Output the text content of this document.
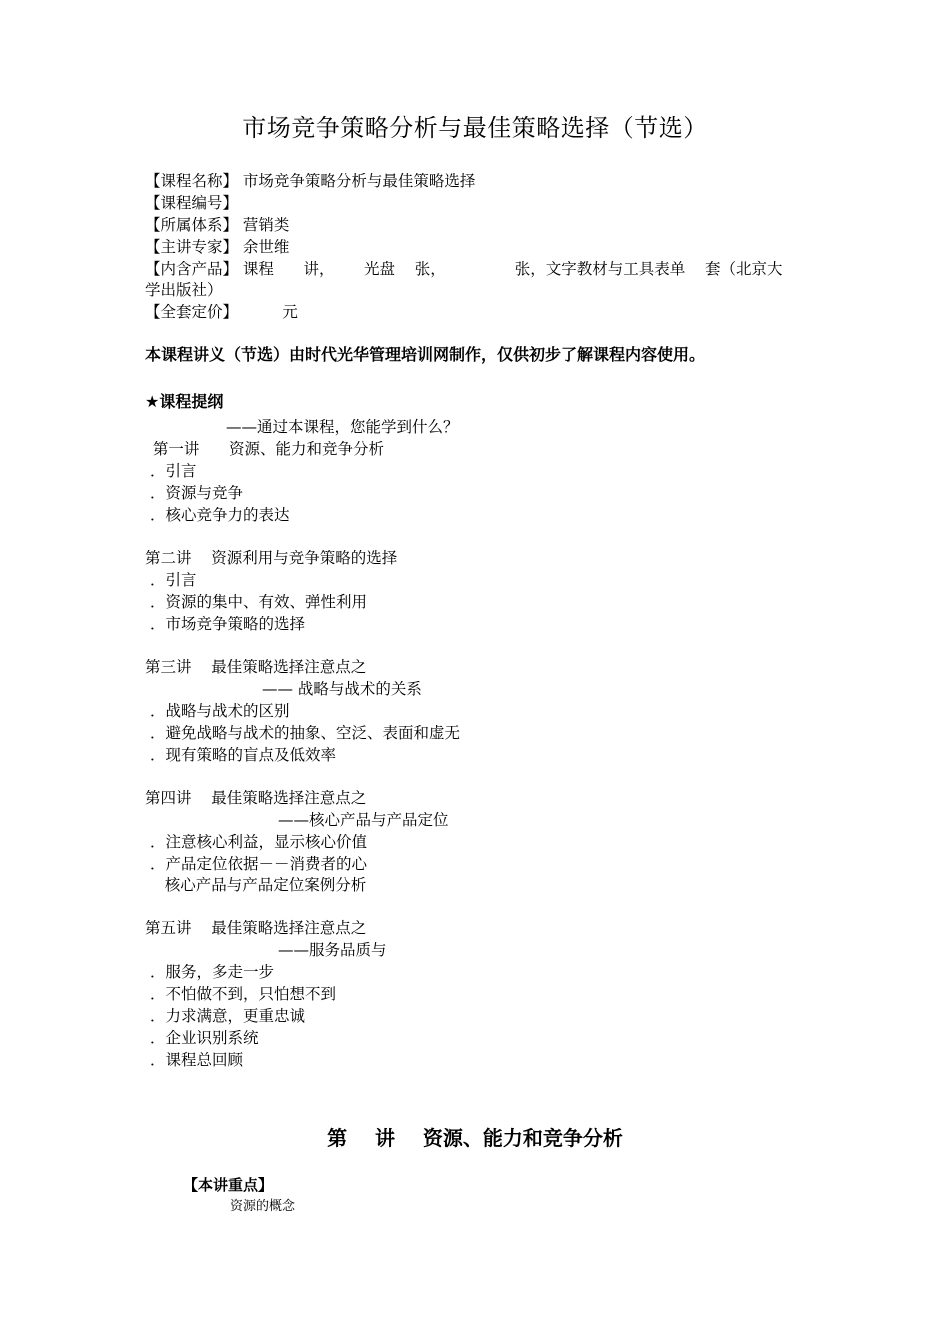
市场竞争策略分析与最佳策略选择（节选）
【课程名称】 市场竞争策略分析与最佳策略选择
【课程编号】
【所属体系】 营销类
【主讲专家】 余世维
【内含产品】 课程      讲，      光盘    张，              张，文字教材与工具表单    套（北京大
学出版社）
【全套定价】         元
本课程讲义（节选）由时代光华管理培训网制作，仅供初步了解课程内容使用。
★课程提纲
——通过本课程，您能学到什么？
第一讲      资源、能力和竞争分析
．引言
．资源与竞争
．核心竞争力的表达
第二讲    资源利用与竞争策略的选择
．引言
．资源的集中、有效、弹性利用
．市场竞争策略的选择
第三讲    最佳策略选择注意点之
—— 战略与战术的关系
．战略与战术的区别
．避免战略与战术的抽象、空泛、表面和虚无
．现有策略的盲点及低效率
第四讲    最佳策略选择注意点之
——核心产品与产品定位
．注意核心利益，显示核心价值
．产品定位依据－－消费者的心
核心产品与产品定位案例分析
第五讲    最佳策略选择注意点之
——服务品质与
．服务，多走一步
．不怕做不到，只怕想不到
．力求满意，更重忠诚
．企业识别系统
．课程总回顾
第    讲    资源、能力和竞争分析
【本讲重点】
资源的概念
